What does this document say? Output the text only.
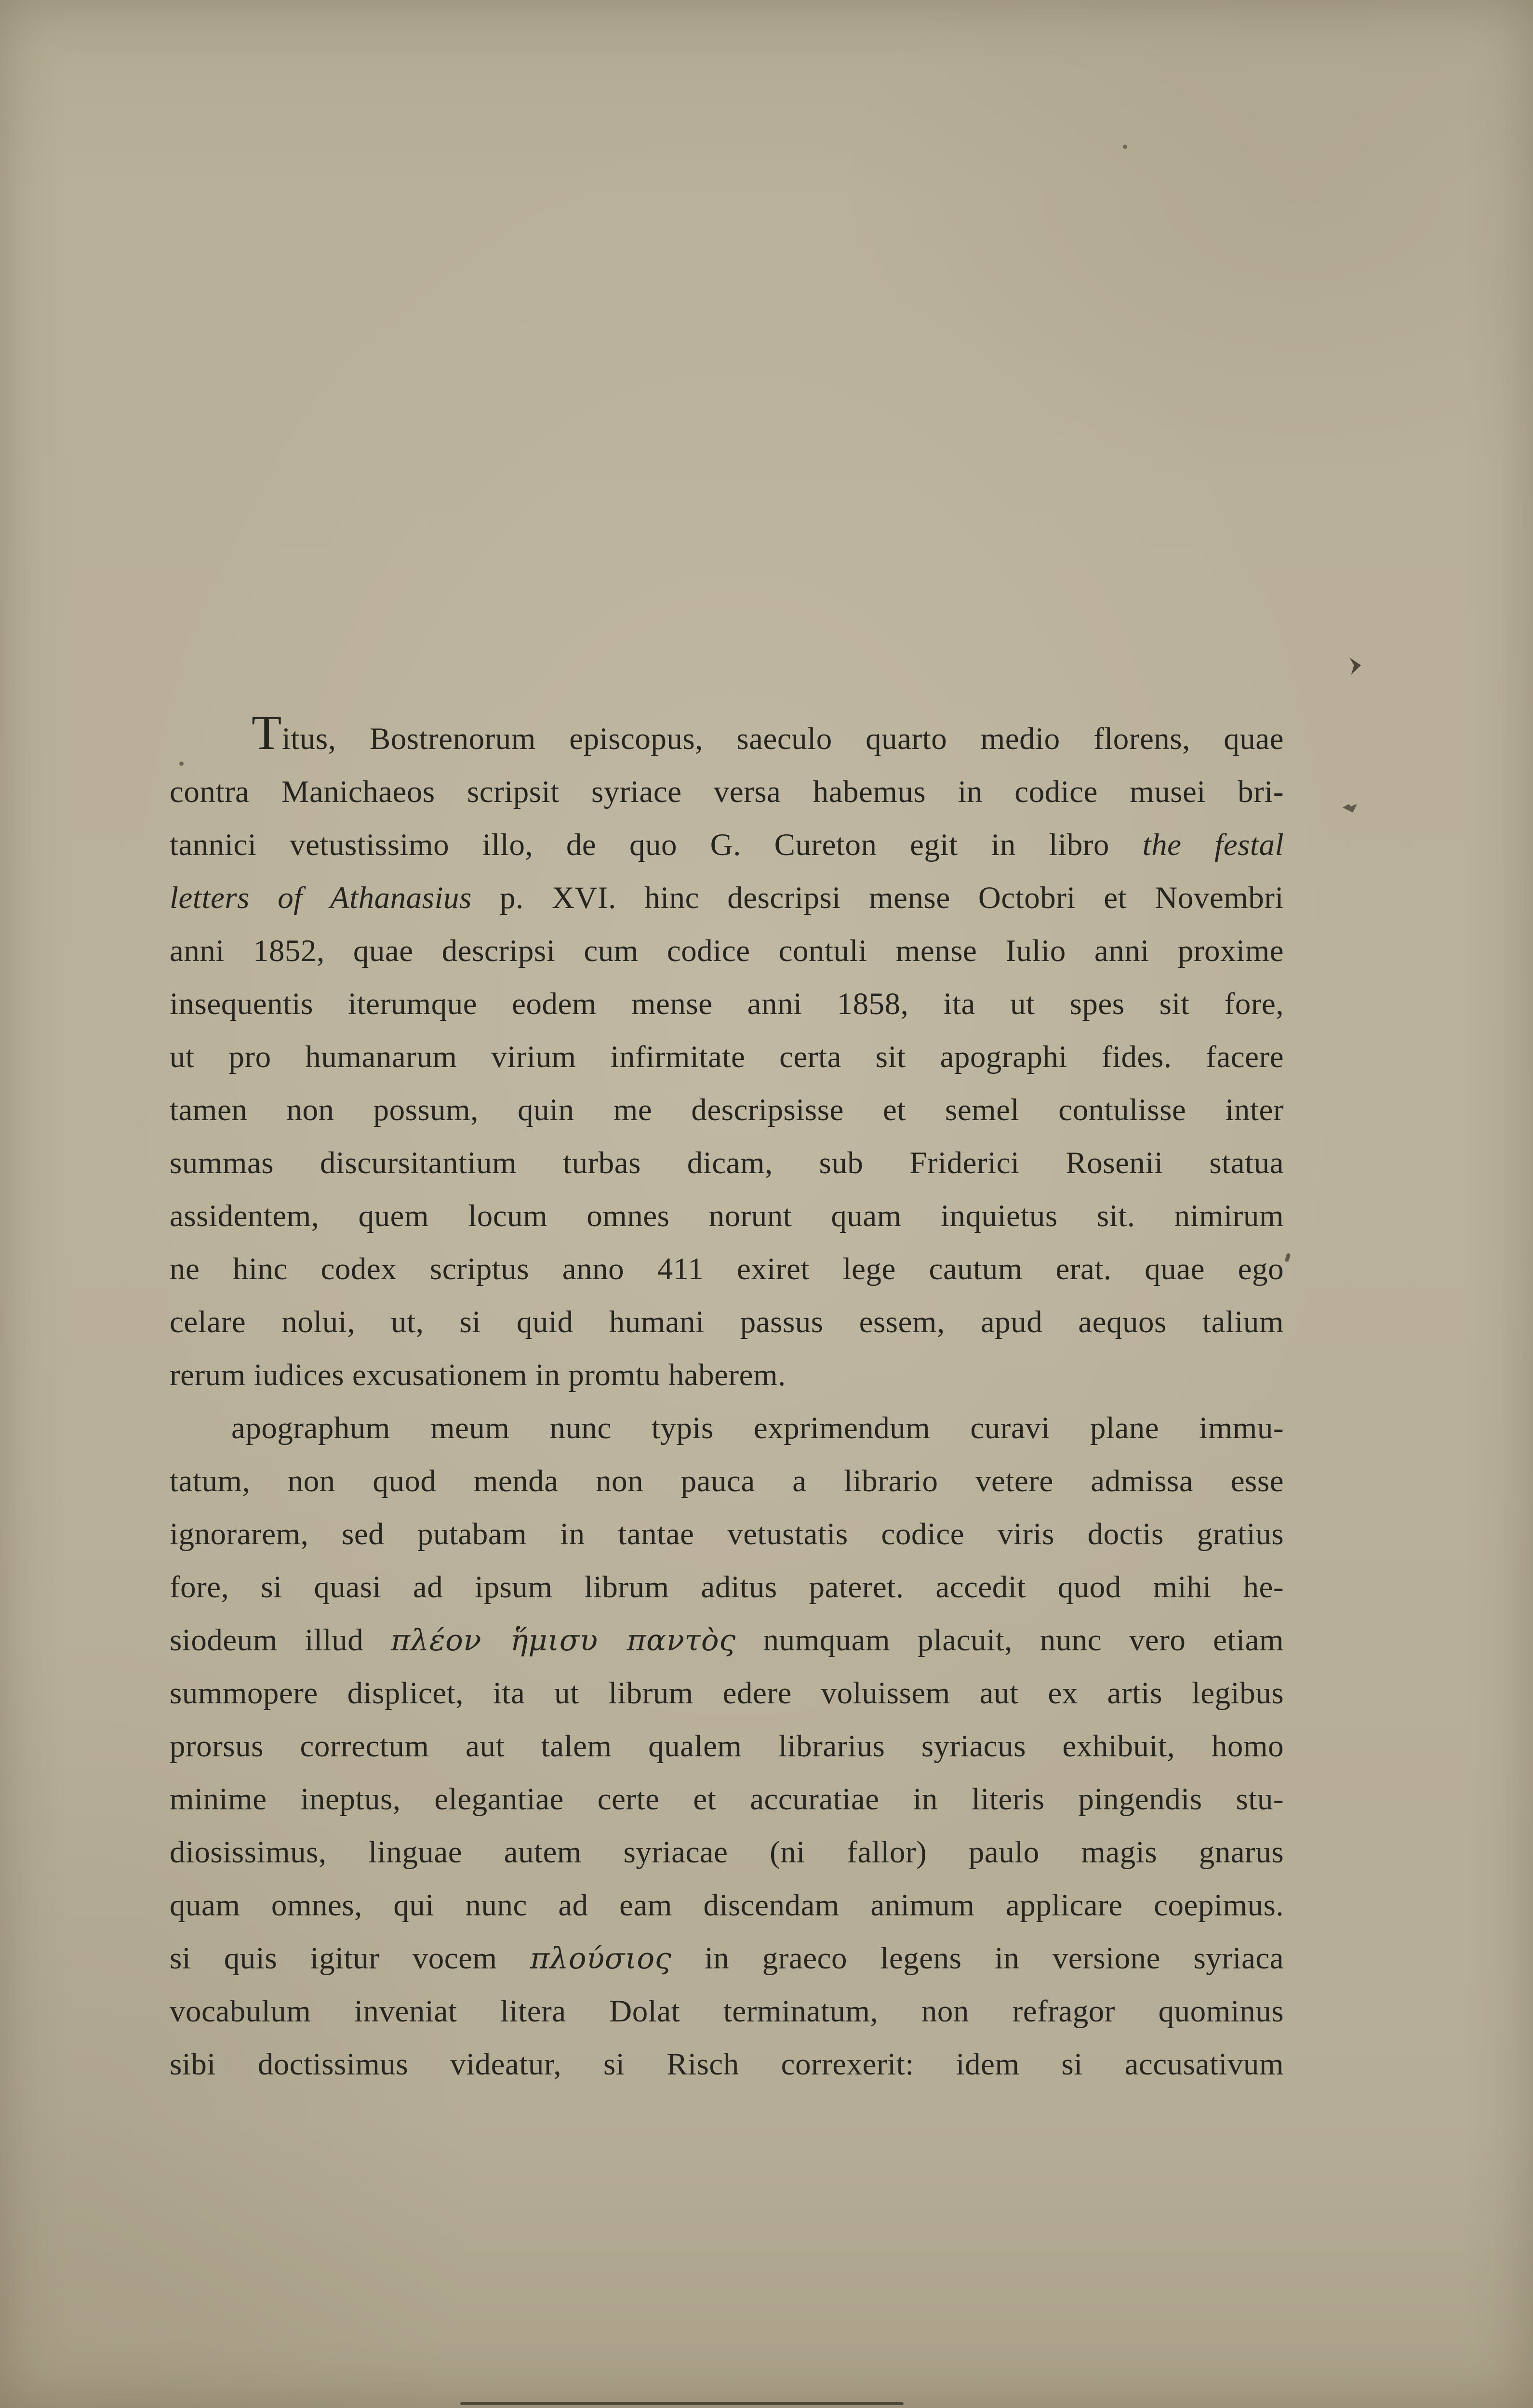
Titus, Bostrenorum episcopus, saeculo quarto medio florens, quae
contra Manichaeos scripsit syriace versa habemus in codice musei bri-
tannici vetustissimo illo, de quo G. Cureton egit in libro the festal
letters of Athanasius p. XVI. hinc descripsi mense Octobri et Novembri
anni 1852, quae descripsi cum codice contuli mense Iulio anni proxime
insequentis iterumque eodem mense anni 1858, ita ut spes sit fore,
ut pro humanarum virium infirmitate certa sit apographi fides. facere
tamen non possum, quin me descripsisse et semel contulisse inter
summas discursitantium turbas dicam, sub Friderici Rosenii statua
assidentem, quem locum omnes norunt quam inquietus sit. nimirum
ne hinc codex scriptus anno 411 exiret lege cautum erat. quae ego
celare nolui, ut, si quid humani passus essem, apud aequos talium
rerum iudices excusationem in promtu haberem.
apographum meum nunc typis exprimendum curavi plane immu-
tatum, non quod menda non pauca a librario vetere admissa esse
ignorarem, sed putabam in tantae vetustatis codice viris doctis gratius
fore, si quasi ad ipsum librum aditus pateret. accedit quod mihi he-
siodeum illud πλέον ἥμισυ παντὸς numquam placuit, nunc vero etiam
summopere displicet, ita ut librum edere voluissem aut ex artis legibus
prorsus correctum aut talem qualem librarius syriacus exhibuit, homo
minime ineptus, elegantiae certe et accuratiae in literis pingendis stu-
diosissimus, linguae autem syriacae (ni fallor) paulo magis gnarus
quam omnes, qui nunc ad eam discendam animum applicare coepimus.
si quis igitur vocem πλούσιος in graeco legens in versione syriaca
vocabulum inveniat litera Dolat terminatum, non refragor quominus
sibi doctissimus videatur, si Risch correxerit: idem si accusativum
